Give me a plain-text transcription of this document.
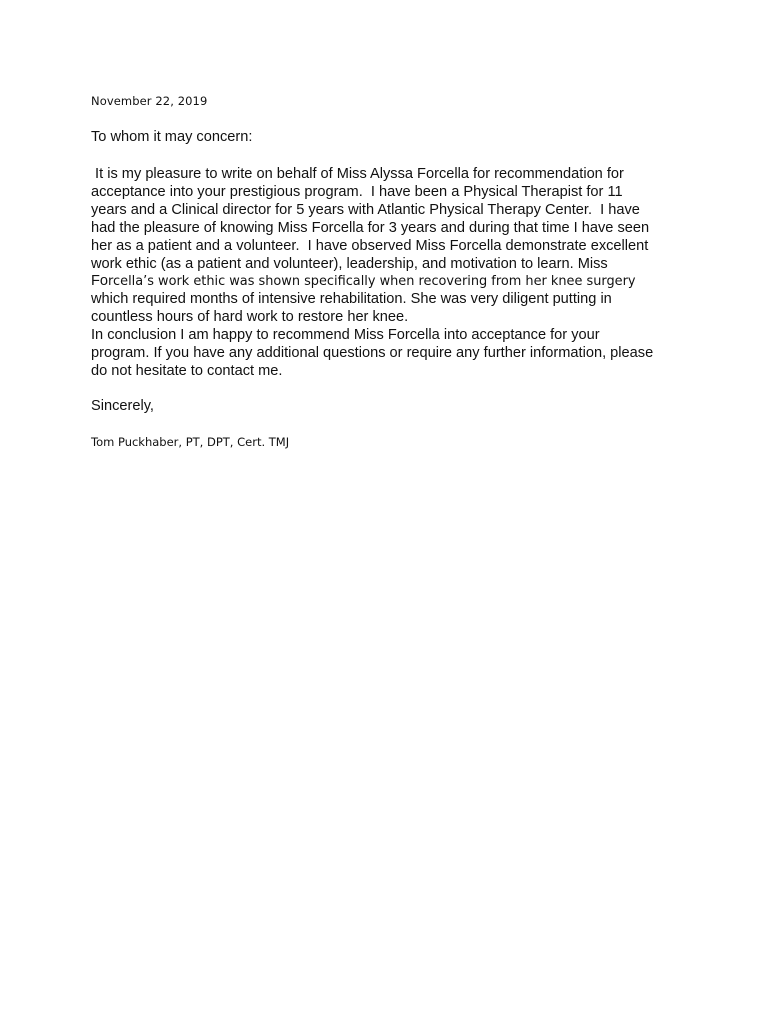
November 22, 2019
To whom it may concern:
It is my pleasure to write on behalf of Miss Alyssa Forcella for recommendation for
acceptance into your prestigious program.  I have been a Physical Therapist for 11
years and a Clinical director for 5 years with Atlantic Physical Therapy Center.  I have
had the pleasure of knowing Miss Forcella for 3 years and during that time I have seen
her as a patient and a volunteer.  I have observed Miss Forcella demonstrate excellent
work ethic (as a patient and volunteer), leadership, and motivation to learn. Miss
Forcella’s work ethic was shown specifically when recovering from her knee surgery
which required months of intensive rehabilitation. She was very diligent putting in
countless hours of hard work to restore her knee.
In conclusion I am happy to recommend Miss Forcella into acceptance for your
program. If you have any additional questions or require any further information, please
do not hesitate to contact me.
Sincerely,
Tom Puckhaber, PT, DPT, Cert. TMJ
